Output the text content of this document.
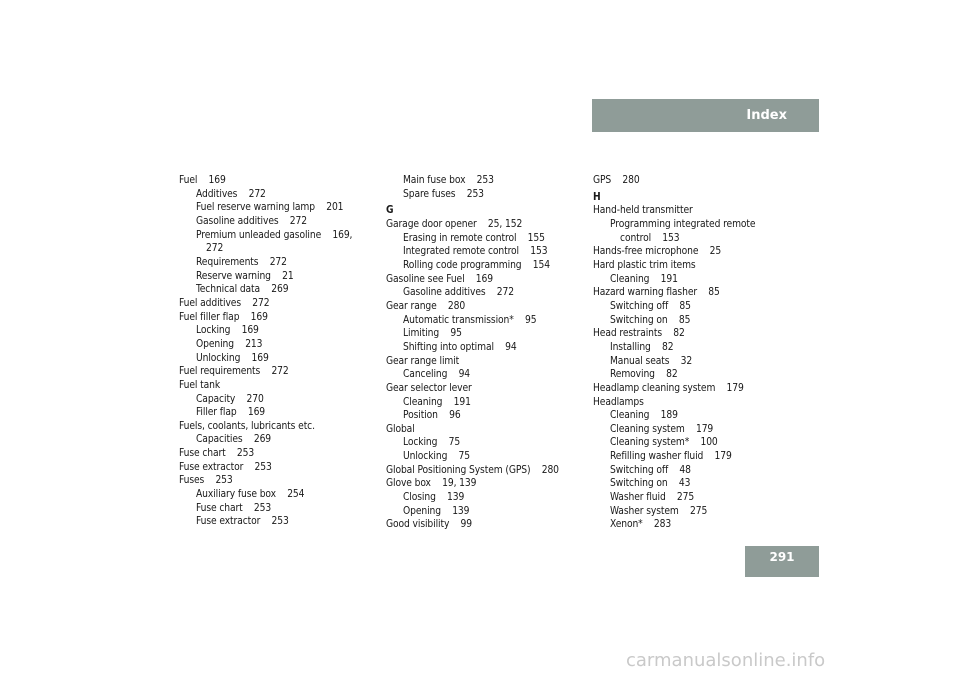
Index
Fuel    169
Additives    272
Fuel reserve warning lamp    201
Gasoline additives    272
Premium unleaded gasoline    169,
272
Requirements    272
Reserve warning    21
Technical data    269
Fuel additives    272
Fuel filler flap    169
Locking    169
Opening    213
Unlocking    169
Fuel requirements    272
Fuel tank
Capacity    270
Filler flap    169
Fuels, coolants, lubricants etc.
Capacities    269
Fuse chart    253
Fuse extractor    253
Fuses    253
Auxiliary fuse box    254
Fuse chart    253
Fuse extractor    253
Main fuse box    253
Spare fuses    253
G
Garage door opener    25, 152
Erasing in remote control    155
Integrated remote control    153
Rolling code programming    154
Gasoline see Fuel    169
Gasoline additives    272
Gear range    280
Automatic transmission*    95
Limiting    95
Shifting into optimal    94
Gear range limit
Canceling    94
Gear selector lever
Cleaning    191
Position    96
Global
Locking    75
Unlocking    75
Global Positioning System (GPS)    280
Glove box    19, 139
Closing    139
Opening    139
Good visibility    99
GPS    280
H
Hand-held transmitter
Programming integrated remote
control    153
Hands-free microphone    25
Hard plastic trim items
Cleaning    191
Hazard warning flasher    85
Switching off    85
Switching on    85
Head restraints    82
Installing    82
Manual seats    32
Removing    82
Headlamp cleaning system    179
Headlamps
Cleaning    189
Cleaning system    179
Cleaning system*    100
Refilling washer fluid    179
Switching off    48
Switching on    43
Washer fluid    275
Washer system    275
Xenon*    283
291
carmanualsonline.info
